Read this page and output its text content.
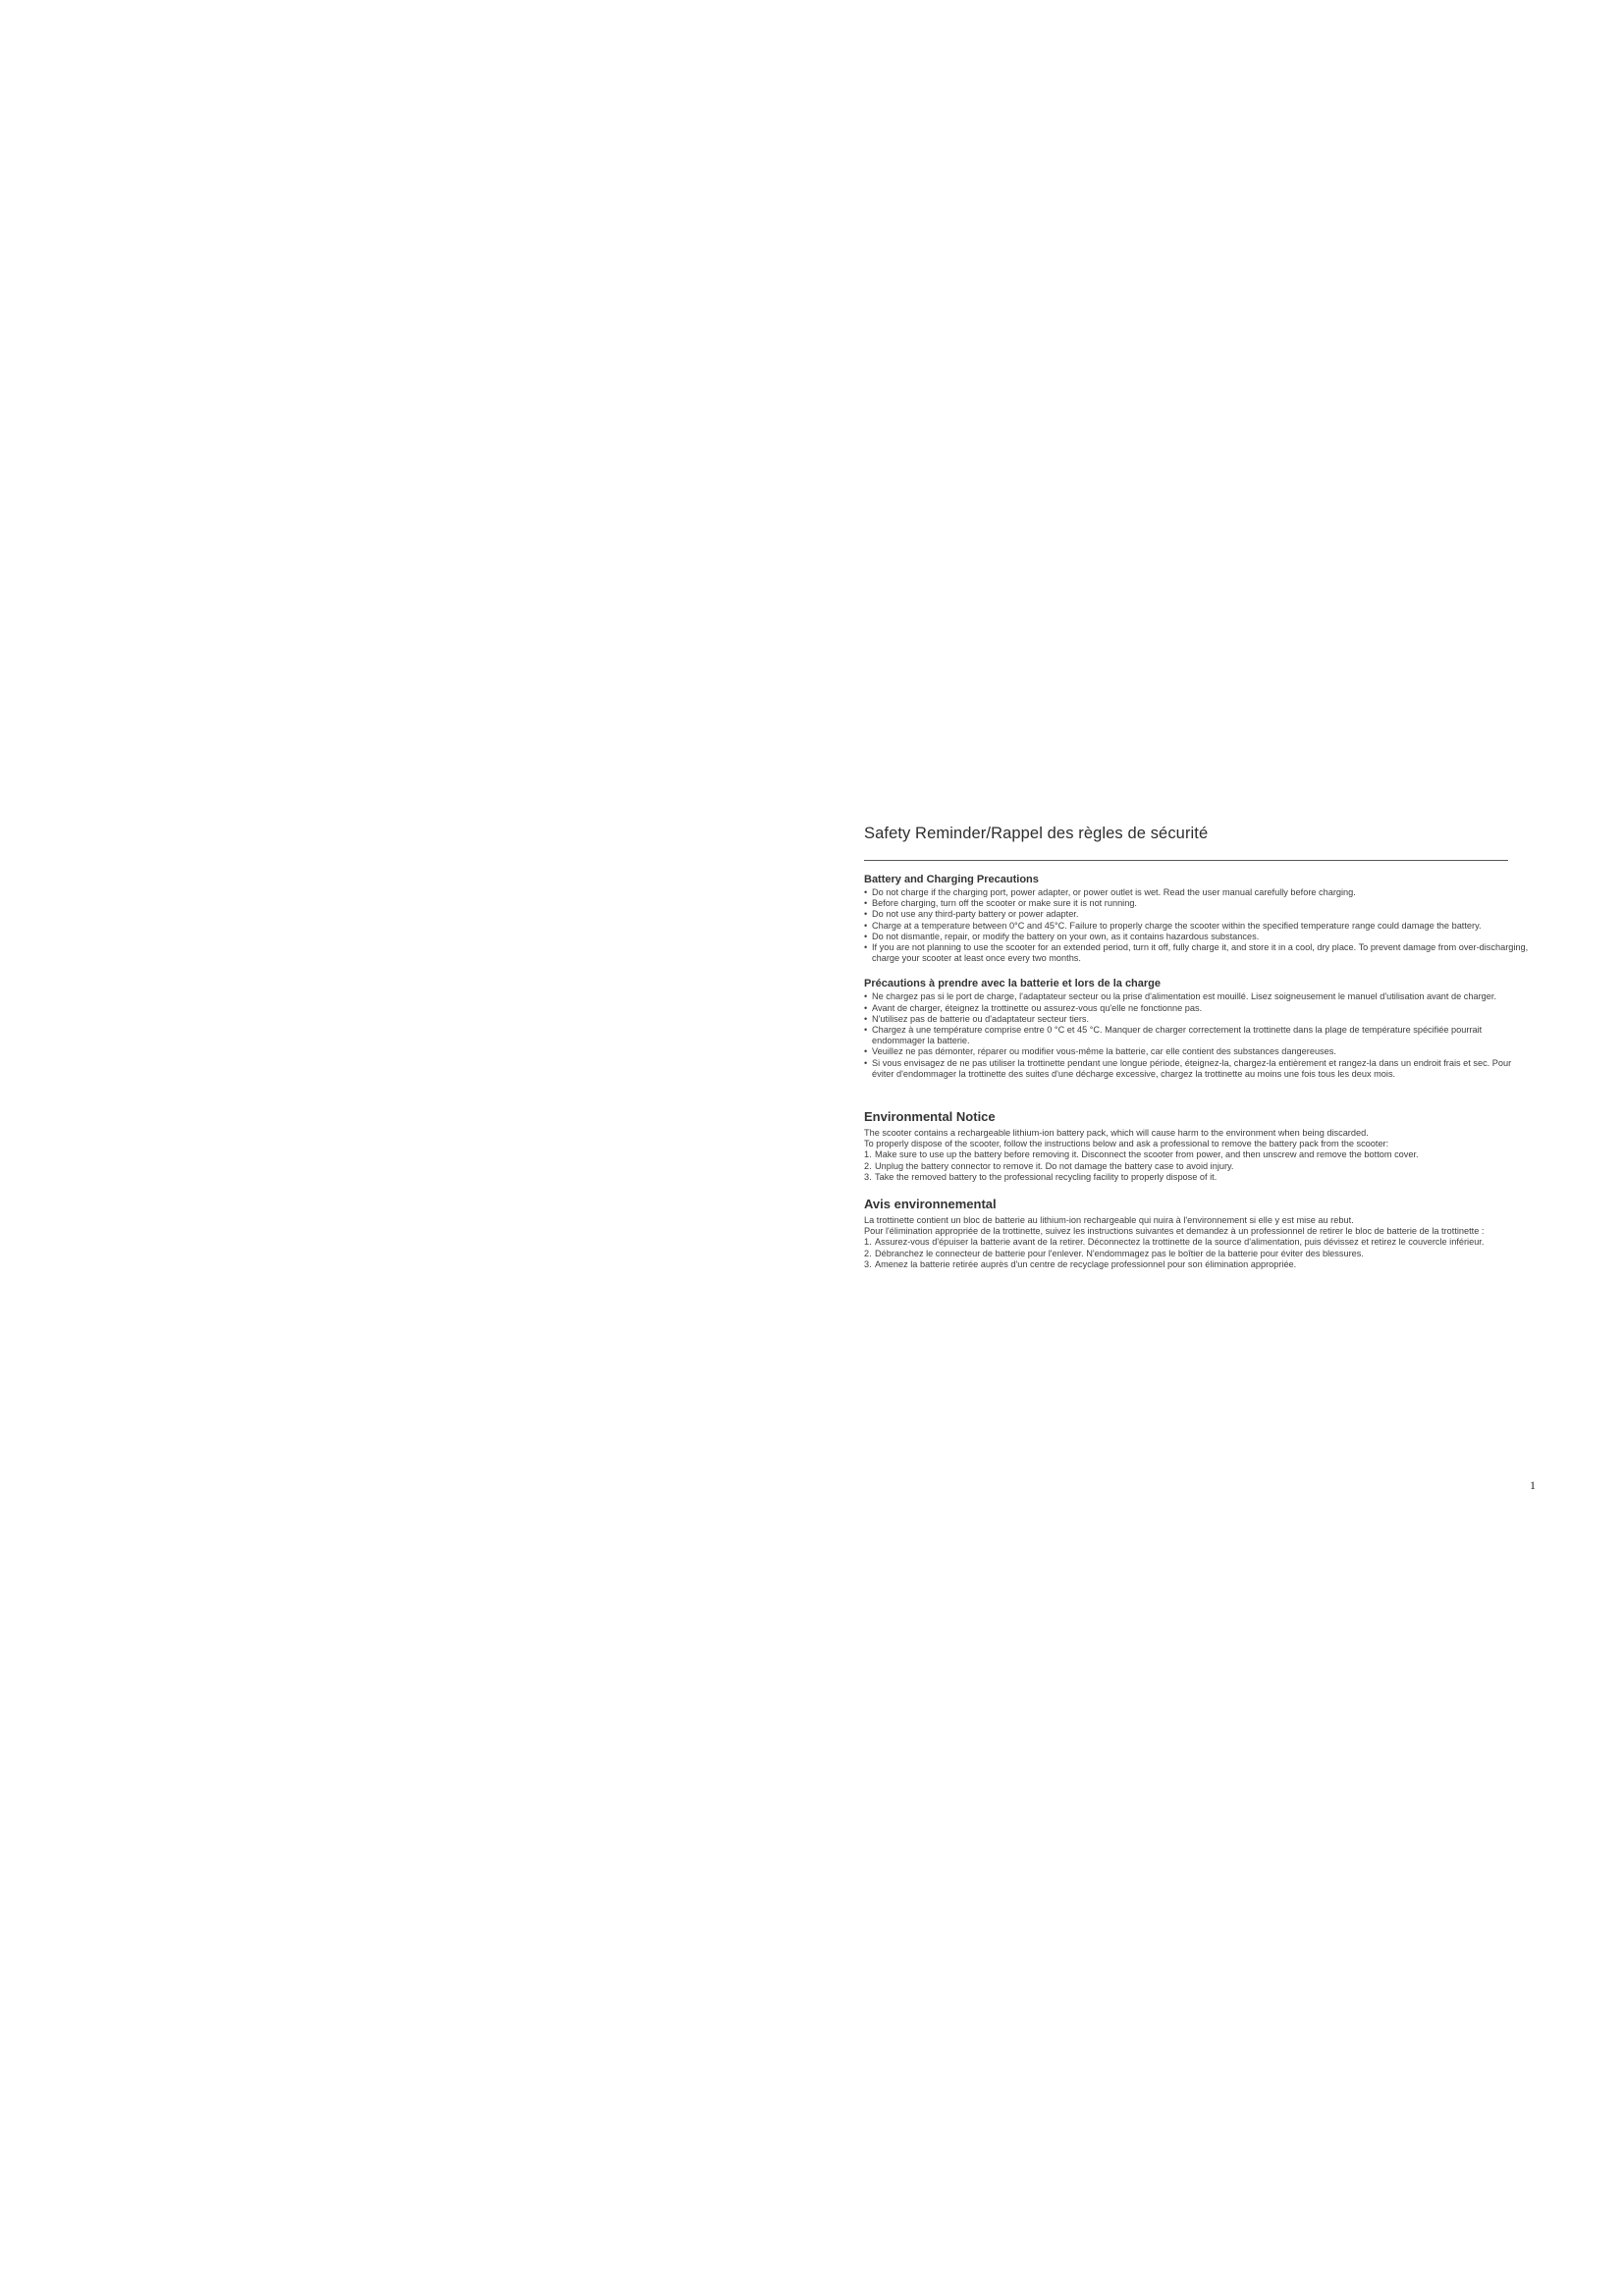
Safety Reminder/Rappel des règles de sécurité
Battery and Charging Precautions
• Do not charge if the charging port, power adapter, or power outlet is wet. Read the user manual carefully before charging.
• Before charging, turn off the scooter or make sure it is not running.
• Do not use any third-party battery or power adapter.
• Charge at a temperature between 0°C and 45°C. Failure to properly charge the scooter within the specified temperature range could damage the battery.
• Do not dismantle, repair, or modify the battery on your own, as it contains hazardous substances.
• If you are not planning to use the scooter for an extended period, turn it off, fully charge it, and store it in a cool, dry place. To prevent damage from over-discharging, charge your scooter at least once every two months.
Précautions à prendre avec la batterie et lors de la charge
• Ne chargez pas si le port de charge, l'adaptateur secteur ou la prise d'alimentation est mouillé. Lisez soigneusement le manuel d'utilisation avant de charger.
• Avant de charger, éteignez la trottinette ou assurez-vous qu'elle ne fonctionne pas.
• N'utilisez pas de batterie ou d'adaptateur secteur tiers.
• Chargez à une température comprise entre 0 °C et 45 °C. Manquer de charger correctement la trottinette dans la plage de température spécifiée pourrait endommager la batterie.
• Veuillez ne pas démonter, réparer ou modifier vous-même la batterie, car elle contient des substances dangereuses.
• Si vous envisagez de ne pas utiliser la trottinette pendant une longue période, éteignez-la, chargez-la entièrement et rangez-la dans un endroit frais et sec. Pour éviter d'endommager la trottinette des suites d'une décharge excessive, chargez la trottinette au moins une fois tous les deux mois.
Environmental Notice

The scooter contains a rechargeable lithium-ion battery pack, which will cause harm to the environment when being discarded.

To properly dispose of the scooter, follow the instructions below and ask a professional to remove the battery pack from the scooter:

1. Make sure to use up the battery before removing it. Disconnect the scooter from power, and then unscrew and remove the bottom cover.
2. Unplug the battery connector to remove it. Do not damage the battery case to avoid injury.
3. Take the removed battery to the professional recycling facility to properly dispose of it.
Avis environnemental

La trottinette contient un bloc de batterie au lithium-ion rechargeable qui nuira à l'environnement si elle y est mise au rebut.

Pour l'élimination appropriée de la trottinette, suivez les instructions suivantes et demandez à un professionnel de retirer le bloc de batterie de la trottinette :

1. Assurez-vous d'épuiser la batterie avant de la retirer. Déconnectez la trottinette de la source d'alimentation, puis dévissez et retirez le couvercle inférieur.
2. Débranchez le connecteur de batterie pour l'enlever. N'endommagez pas le boîtier de la batterie pour éviter des blessures.
3. Amenez la batterie retirée auprès d'un centre de recyclage professionnel pour son élimination appropriée.
1
